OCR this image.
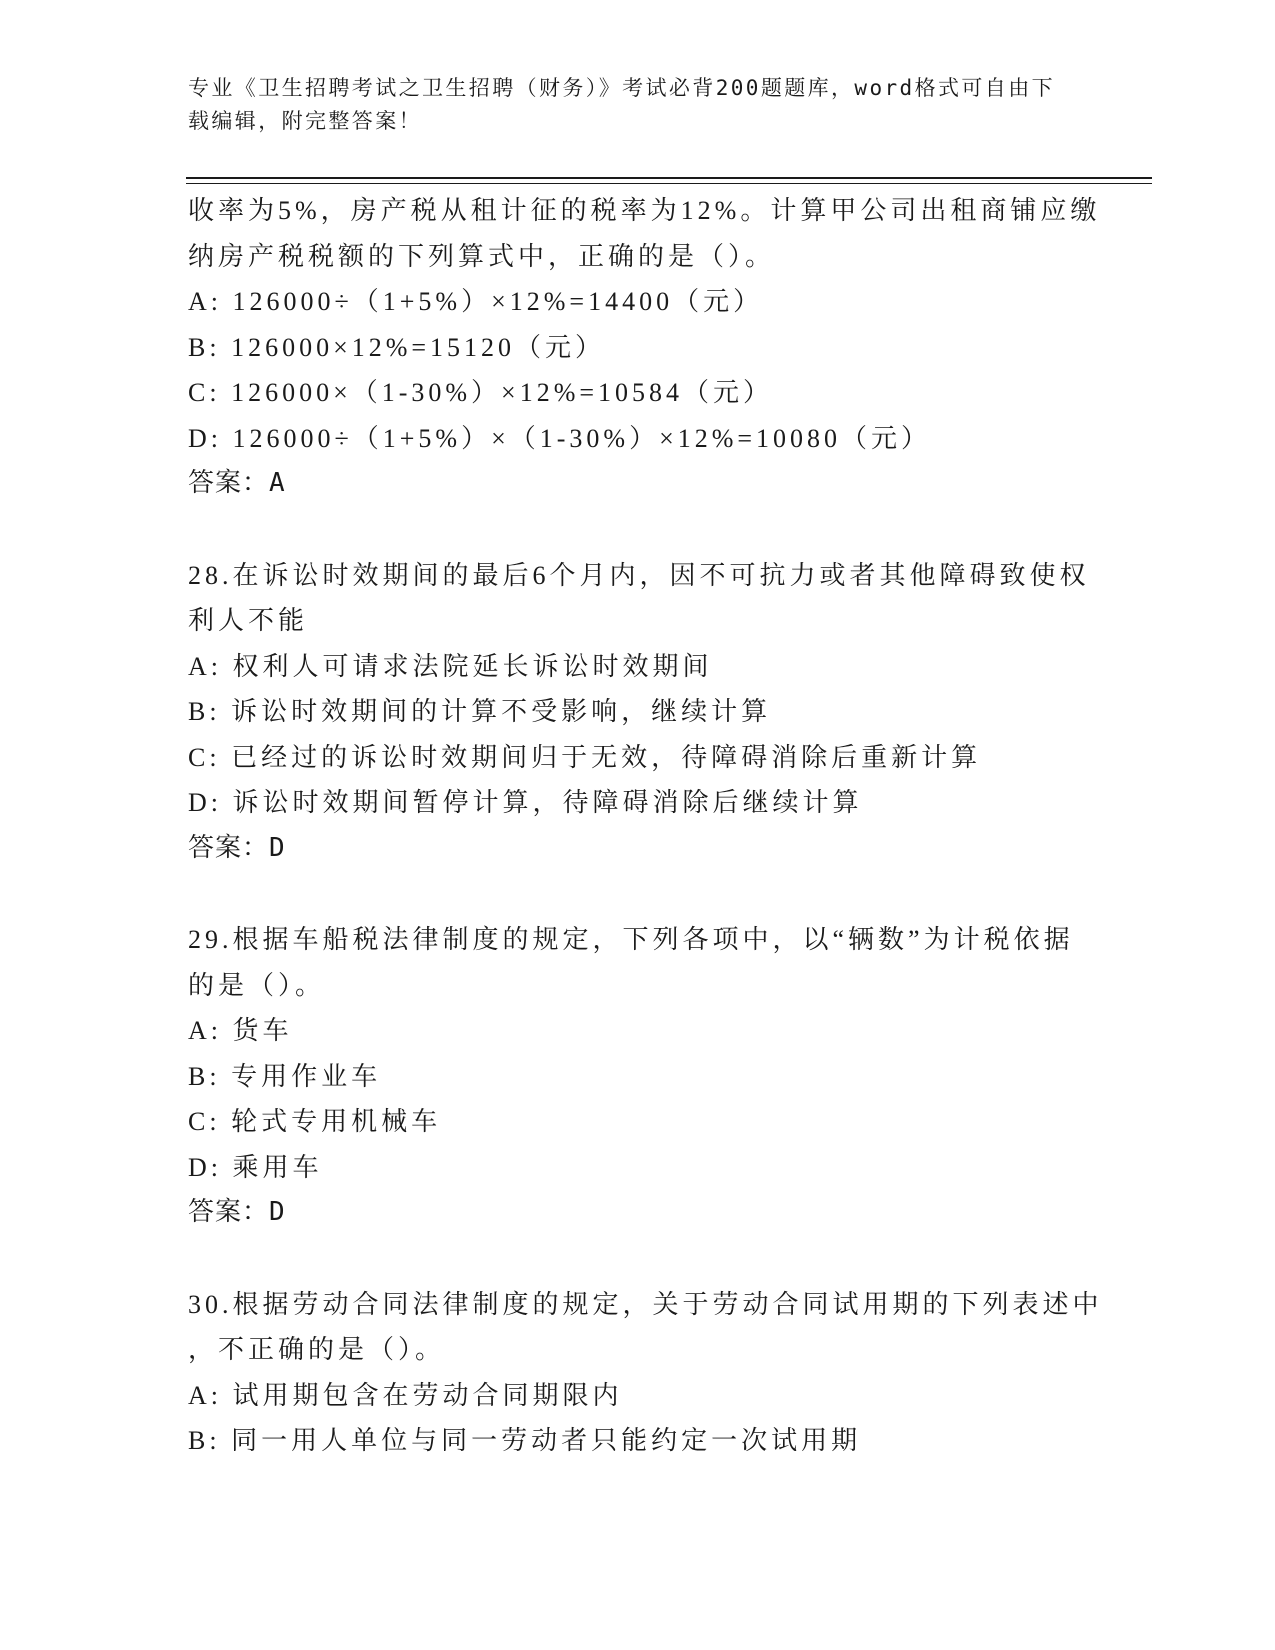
专业《卫生招聘考试之卫生招聘（财务）》考试必背200题题库，word格式可自由下载编辑，附完整答案！
收率为5%，房产税从租计征的税率为12%。计算甲公司出租商铺应缴
纳房产税税额的下列算式中，正确的是（）。
A: 126000÷（1+5%）×12%=14400（元）
B: 126000×12%=15120（元）
C: 126000×（1-30%）×12%=10584（元）
D: 126000÷（1+5%）×（1-30%）×12%=10080（元）
答案：A
28.在诉讼时效期间的最后6个月内，因不可抗力或者其他障碍致使权
利人不能
A: 权利人可请求法院延长诉讼时效期间
B: 诉讼时效期间的计算不受影响，继续计算
C: 已经过的诉讼时效期间归于无效，待障碍消除后重新计算
D: 诉讼时效期间暂停计算，待障碍消除后继续计算
答案：D
29.根据车船税法律制度的规定，下列各项中，以“辆数”为计税依据
的是（）。
A: 货车
B: 专用作业车
C: 轮式专用机械车
D: 乘用车
答案：D
30.根据劳动合同法律制度的规定，关于劳动合同试用期的下列表述中
，不正确的是（）。
A: 试用期包含在劳动合同期限内
B: 同一用人单位与同一劳动者只能约定一次试用期
